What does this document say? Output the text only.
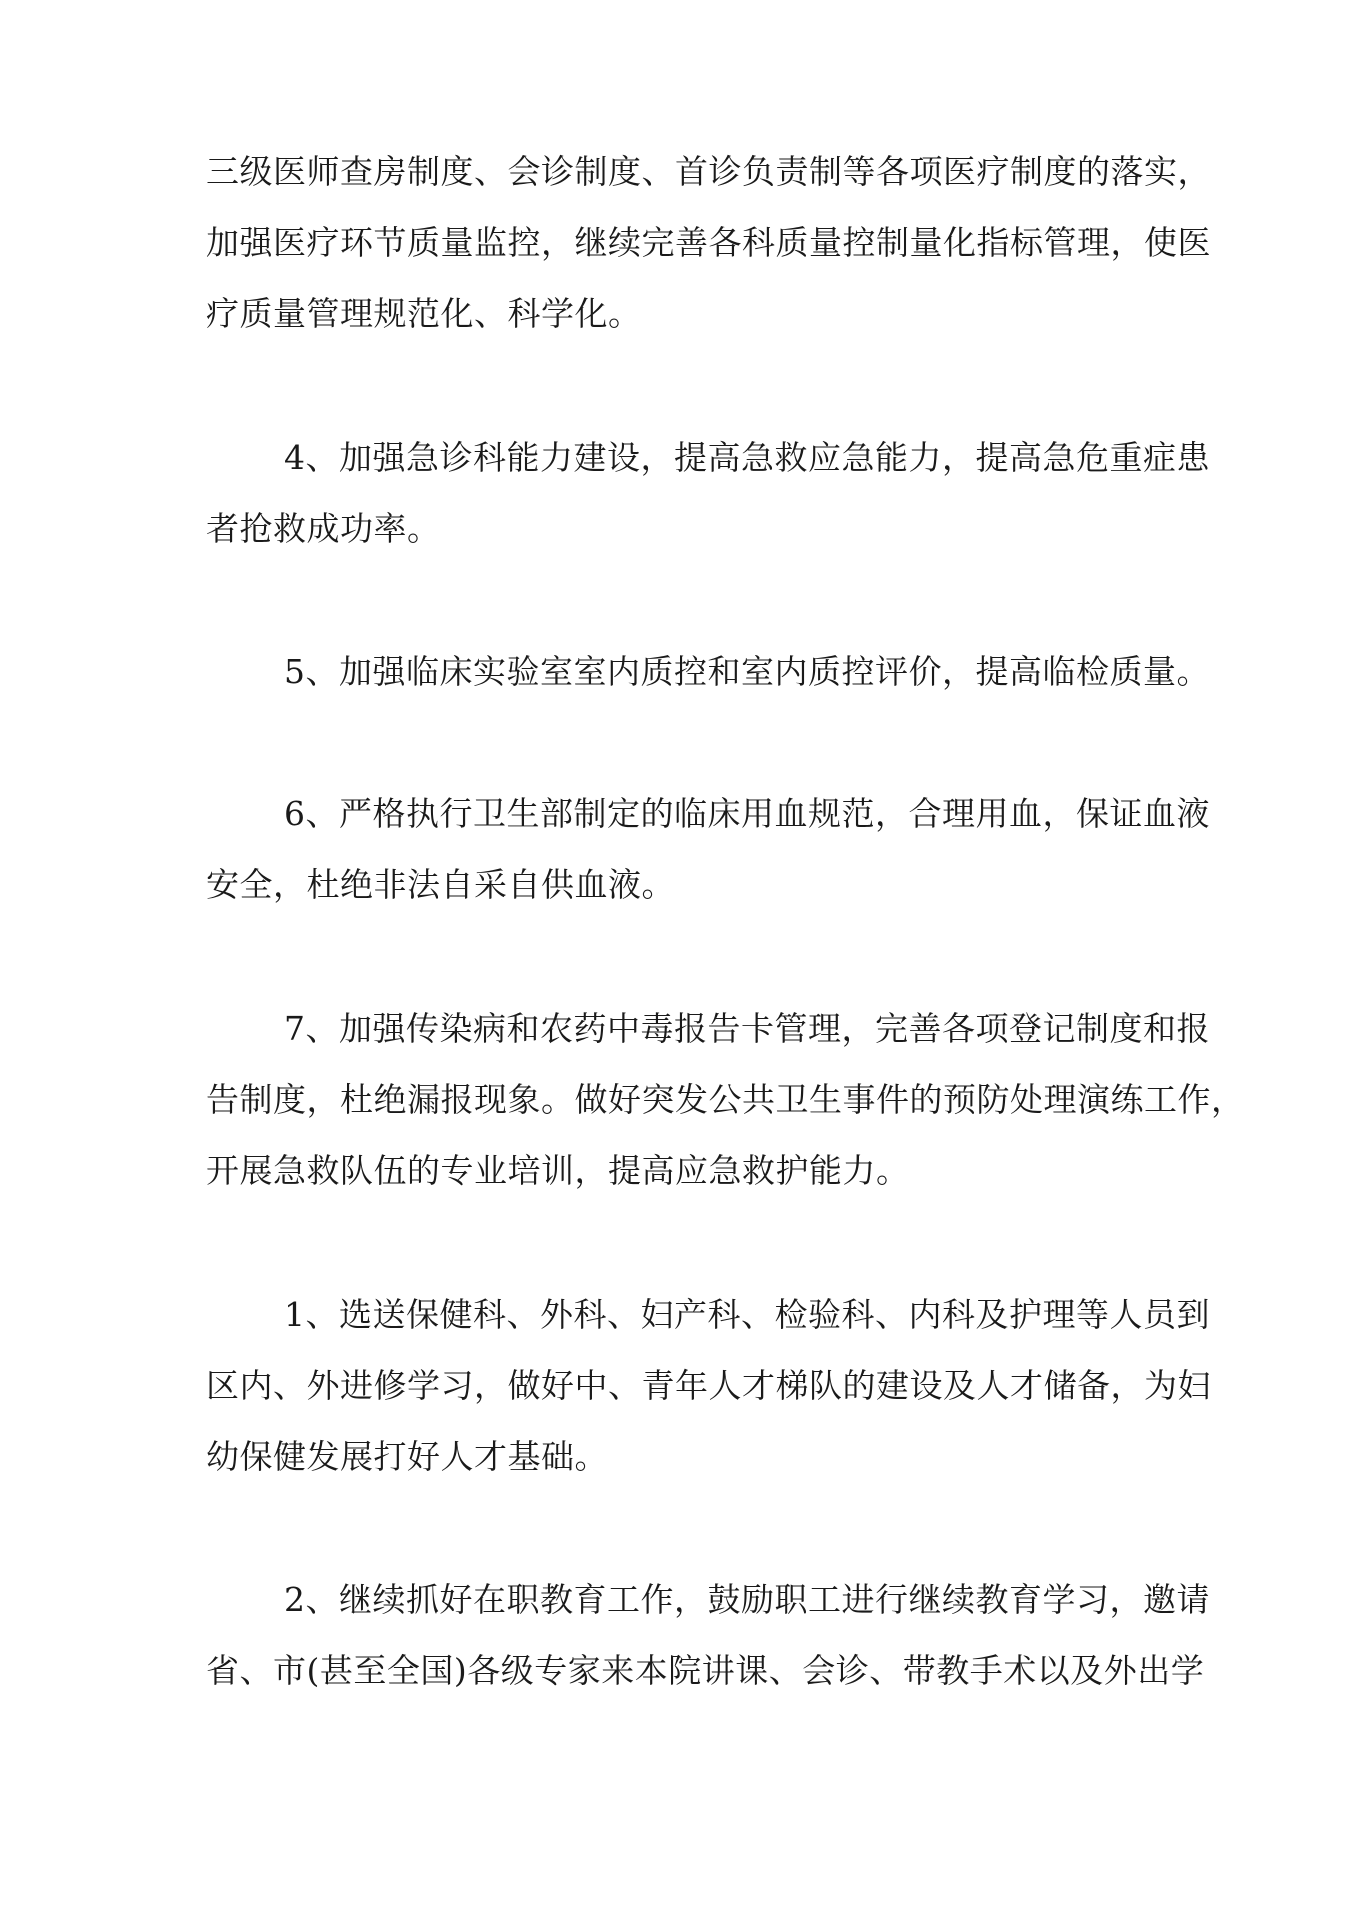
三级医师查房制度、会诊制度、首诊负责制等各项医疗制度的落实，
加强医疗环节质量监控，继续完善各科质量控制量化指标管理，使医
疗质量管理规范化、科学化。

4、加强急诊科能力建设，提高急救应急能力，提高急危重症患
者抢救成功率。

5、加强临床实验室室内质控和室内质控评价，提高临检质量。

6、严格执行卫生部制定的临床用血规范，合理用血，保证血液
安全，杜绝非法自采自供血液。

7、加强传染病和农药中毒报告卡管理，完善各项登记制度和报
告制度，杜绝漏报现象。做好突发公共卫生事件的预防处理演练工作，
开展急救队伍的专业培训，提高应急救护能力。

1、选送保健科、外科、妇产科、检验科、内科及护理等人员到
区内、外进修学习，做好中、青年人才梯队的建设及人才储备，为妇
幼保健发展打好人才基础。

2、继续抓好在职教育工作，鼓励职工进行继续教育学习，邀请
省、市(甚至全国)各级专家来本院讲课、会诊、带教手术以及外出学
